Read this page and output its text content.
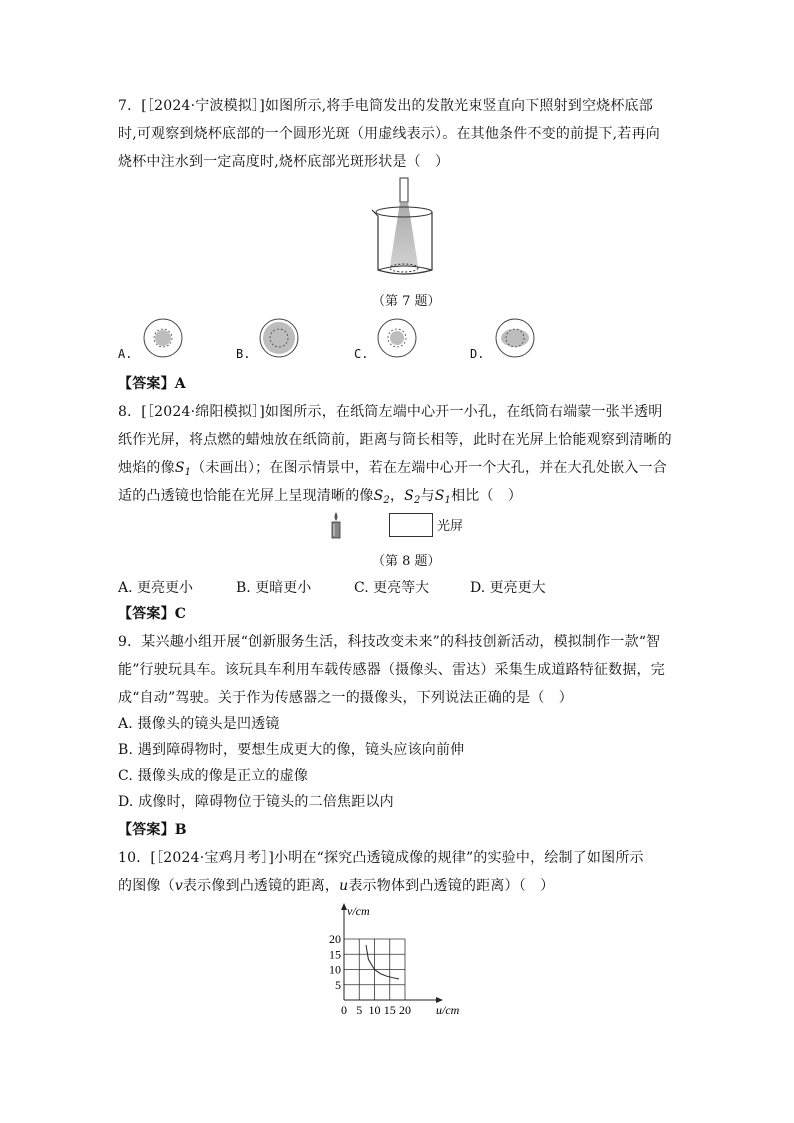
7．[［2024·宁波模拟］]如图所示,将手电筒发出的发散光束竖直向下照射到空烧杯底部
时,可观察到烧杯底部的一个圆形光斑（用虚线表示）。在其他条件不变的前提下,若再向
烧杯中注水到一定高度时,烧杯底部光斑形状是（　）
（第 7 题）
A.	B.	C.	D.
【答案】A
8．[［2024·绵阳模拟］]如图所示，在纸筒左端中心开一小孔，在纸筒右端蒙一张半透明
纸作光屏，将点燃的蜡烛放在纸筒前，距离与筒长相等，此时在光屏上恰能观察到清晰的
烛焰的像$S_1$（未画出）；在图示情景中，若在左端中心开一个大孔，并在大孔处嵌入一合
适的凸透镜也恰能在光屏上呈现清晰的像$S_2$，$S_2$与$S_1$相比（　）
光屏
（第 8 题）
A. 更亮更小	B. 更暗更小	C. 更亮等大	D. 更亮更大
【答案】C
9．某兴趣小组开展“创新服务生活，科技改变未来”的科技创新活动，模拟制作一款“智
能”行驶玩具车。该玩具车利用车载传感器（摄像头、雷达）采集生成道路特征数据，完
成“自动”驾驶。关于作为传感器之一的摄像头，下列说法正确的是（　）
A. 摄像头的镜头是凹透镜
B. 遇到障碍物时，要想生成更大的像，镜头应该向前伸
C. 摄像头成的像是正立的虚像
D. 成像时，障碍物位于镜头的二倍焦距以内
【答案】B
10．[［2024·宝鸡月考］]小明在“探究凸透镜成像的规律”的实验中，绘制了如图所示
的图像（v表示像到凸透镜的距离，u表示物体到凸透镜的距离）（　）
v/cm
u/cm
0 5 10 15 20
5
10
15
20
